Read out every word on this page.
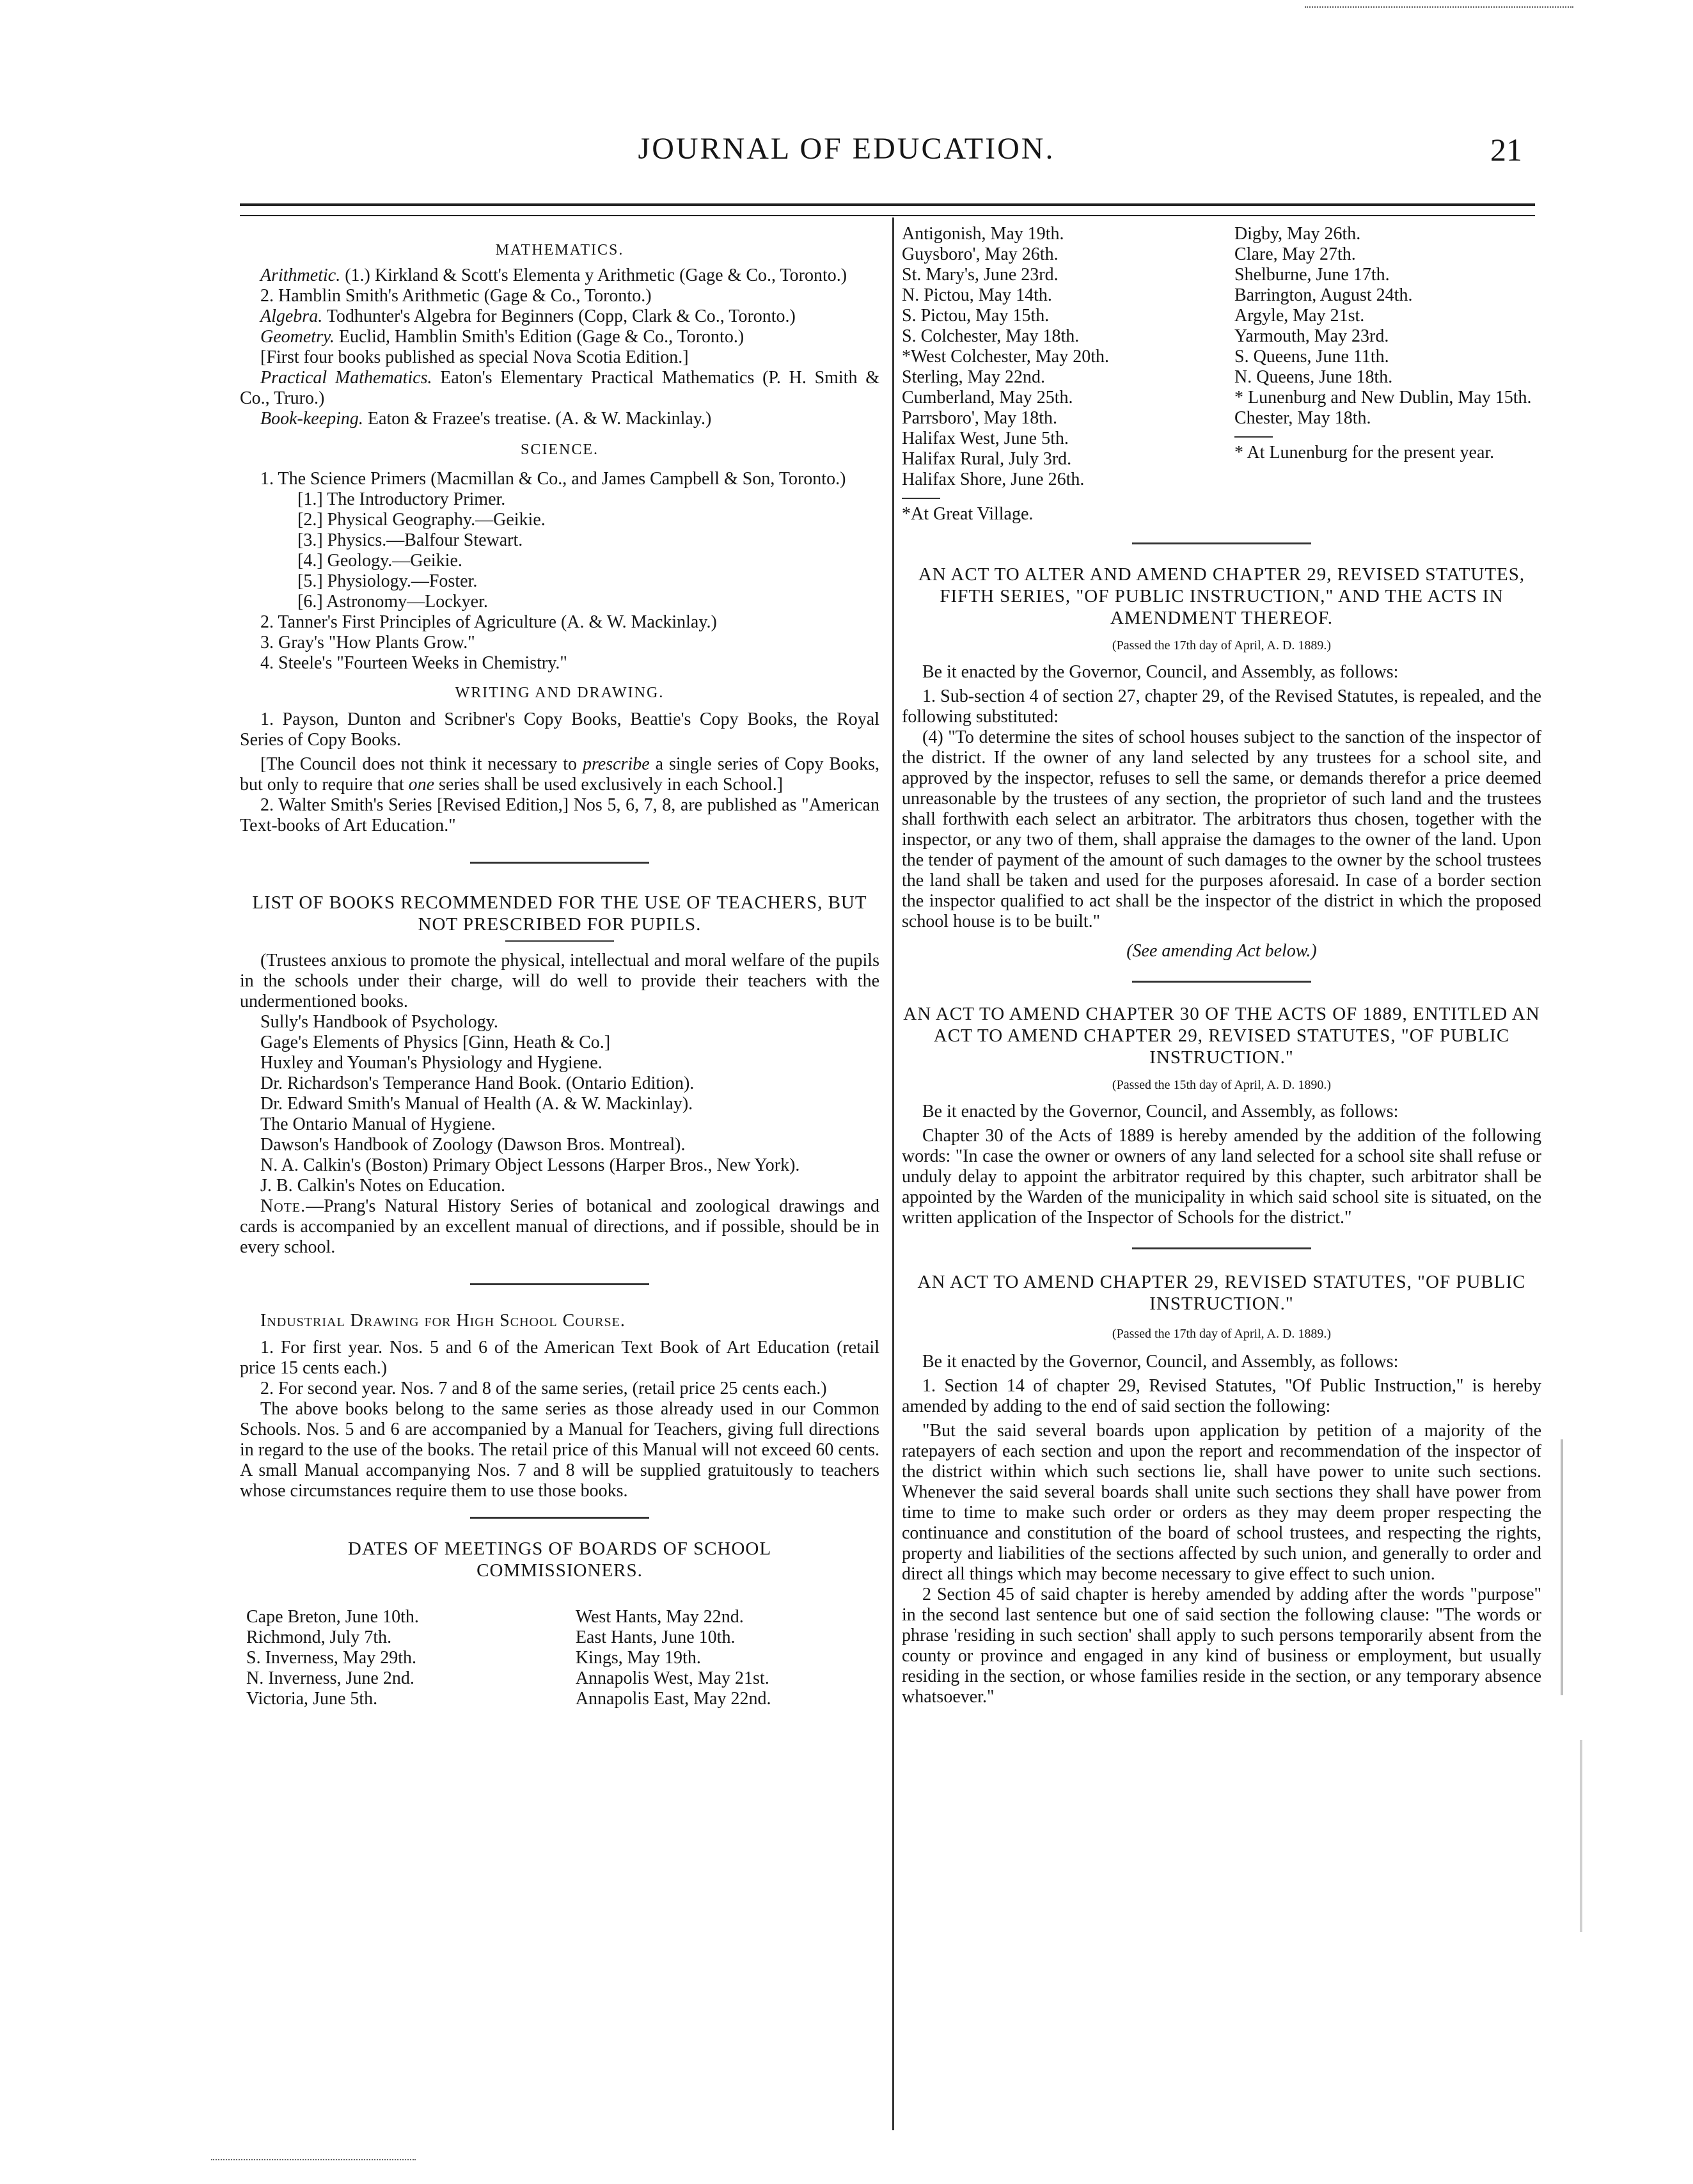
JOURNAL OF EDUCATION.	21

MATHEMATICS.

Arithmetic. (1.) Kirkland & Scott's Elementa y Arithmetic (Gage & Co., Toronto.)

2. Hamblin Smith's Arithmetic (Gage & Co., Toronto.)

Algebra. Todhunter's Algebra for Beginners (Copp, Clark & Co., Toronto.)

Geometry. Euclid, Hamblin Smith's Edition (Gage & Co., Toronto.)

[First four books published as special Nova Scotia Edition.]

Practical Mathematics. Eaton's Elementary Practical Mathematics (P. H. Smith & Co., Truro.)

Book-keeping. Eaton & Frazee's treatise. (A. & W. Mackinlay.)

SCIENCE.

1. The Science Primers (Macmillan & Co., and James Campbell & Son, Toronto.)

[1.] The Introductory Primer.

[2.] Physical Geography.—Geikie.

[3.] Physics.—Balfour Stewart.

[4.] Geology.—Geikie.

[5.] Physiology.—Foster.

[6.] Astronomy—Lockyer.

2. Tanner's First Principles of Agriculture (A. & W. Mackinlay.)

3. Gray's "How Plants Grow."

4. Steele's "Fourteen Weeks in Chemistry."

WRITING AND DRAWING.

1. Payson, Dunton and Scribner's Copy Books, Beattie's Copy Books, the Royal Series of Copy Books.

[The Council does not think it necessary to prescribe a single series of Copy Books, but only to require that one series shall be used exclusively in each School.]

2. Walter Smith's Series [Revised Edition,] Nos 5, 6, 7, 8, are published as "American Text-books of Art Education."

LIST OF BOOKS RECOMMENDED FOR THE USE OF TEACHERS, BUT NOT PRESCRIBED FOR PUPILS.

(Trustees anxious to promote the physical, intellectual and moral welfare of the pupils in the schools under their charge, will do well to provide their teachers with the undermentioned books.

Sully's Handbook of Psychology.

Gage's Elements of Physics [Ginn, Heath & Co.]

Huxley and Youman's Physiology and Hygiene.

Dr. Richardson's Temperance Hand Book. (Ontario Edition).

Dr. Edward Smith's Manual of Health (A. & W. Mackinlay).

The Ontario Manual of Hygiene.

Dawson's Handbook of Zoology (Dawson Bros. Montreal).

N. A. Calkin's (Boston) Primary Object Lessons (Harper Bros., New York).

J. B. Calkin's Notes on Education.

Note.—Prang's Natural History Series of botanical and zoological drawings and cards is accompanied by an excellent manual of directions, and if possible, should be in every school.

Industrial Drawing for High School Course.

1. For first year. Nos. 5 and 6 of the American Text Book of Art Education (retail price 15 cents each.)

2. For second year. Nos. 7 and 8 of the same series, (retail price 25 cents each.)

The above books belong to the same series as those already used in our Common Schools. Nos. 5 and 6 are accompanied by a Manual for Teachers, giving full directions in regard to the use of the books. The retail price of this Manual will not exceed 60 cents. A small Manual accompanying Nos. 7 and 8 will be supplied gratuitously to teachers whose circumstances require them to use those books.

DATES OF MEETINGS OF BOARDS OF SCHOOL COMMISSIONERS.

Cape Breton, June 10th.

Richmond, July 7th.

S. Inverness, May 29th.

N. Inverness, June 2nd.

Victoria, June 5th.

West Hants, May 22nd.

East Hants, June 10th.

Kings, May 19th.

Annapolis West, May 21st.

Annapolis East, May 22nd.

Antigonish, May 19th.

Guysboro', May 26th.

St. Mary's, June 23rd.

N. Pictou, May 14th.

S. Pictou, May 15th.

S. Colchester, May 18th.

*West Colchester, May 20th.

Sterling, May 22nd.

Cumberland, May 25th.

Parrsboro', May 18th.

Halifax West, June 5th.

Halifax Rural, July 3rd.

Halifax Shore, June 26th.

*At Great Village.

Digby, May 26th.

Clare, May 27th.

Shelburne, June 17th.

Barrington, August 24th.

Argyle, May 21st.

Yarmouth, May 23rd.

S. Queens, June 11th.

N. Queens, June 18th.

* Lunenburg and New Dublin, May 15th.

Chester, May 18th.

* At Lunenburg for the present year.

AN ACT TO ALTER AND AMEND CHAPTER 29, REVISED STATUTES, FIFTH SERIES, "OF PUBLIC INSTRUCTION," AND THE ACTS IN AMENDMENT THEREOF.

(Passed the 17th day of April, A. D. 1889.)

Be it enacted by the Governor, Council, and Assembly, as follows:

1. Sub-section 4 of section 27, chapter 29, of the Revised Statutes, is repealed, and the following substituted:

(4) "To determine the sites of school houses subject to the sanction of the inspector of the district. If the owner of any land selected by any trustees for a school site, and approved by the inspector, refuses to sell the same, or demands therefor a price deemed unreasonable by the trustees of any section, the proprietor of such land and the trustees shall forthwith each select an arbitrator. The arbitrators thus chosen, together with the inspector, or any two of them, shall appraise the damages to the owner of the land. Upon the tender of payment of the amount of such damages to the owner by the school trustees the land shall be taken and used for the purposes aforesaid. In case of a border section the inspector qualified to act shall be the inspector of the district in which the proposed school house is to be built."

(See amending Act below.)

AN ACT TO AMEND CHAPTER 30 OF THE ACTS OF 1889, ENTITLED AN ACT TO AMEND CHAPTER 29, REVISED STATUTES, "OF PUBLIC INSTRUCTION."

(Passed the 15th day of April, A. D. 1890.)

Be it enacted by the Governor, Council, and Assembly, as follows:

Chapter 30 of the Acts of 1889 is hereby amended by the addition of the following words: "In case the owner or owners of any land selected for a school site shall refuse or unduly delay to appoint the arbitrator required by this chapter, such arbitrator shall be appointed by the Warden of the municipality in which said school site is situated, on the written application of the Inspector of Schools for the district."

AN ACT TO AMEND CHAPTER 29, REVISED STATUTES, "OF PUBLIC INSTRUCTION."

(Passed the 17th day of April, A. D. 1889.)

Be it enacted by the Governor, Council, and Assembly, as follows:

1. Section 14 of chapter 29, Revised Statutes, "Of Public Instruction," is hereby amended by adding to the end of said section the following:

"But the said several boards upon application by petition of a majority of the ratepayers of each section and upon the report and recommendation of the inspector of the district within which such sections lie, shall have power to unite such sections. Whenever the said several boards shall unite such sections they shall have power from time to time to make such order or orders as they may deem proper respecting the continuance and constitution of the board of school trustees, and respecting the rights, property and liabilities of the sections affected by such union, and generally to order and direct all things which may become necessary to give effect to such union.

2 Section 45 of said chapter is hereby amended by adding after the words "purpose" in the second last sentence but one of said section the following clause: "The words or phrase 'residing in such section' shall apply to such persons temporarily absent from the county or province and engaged in any kind of business or employment, but usually residing in the section, or whose families reside in the section, or any temporary absence whatsoever."
